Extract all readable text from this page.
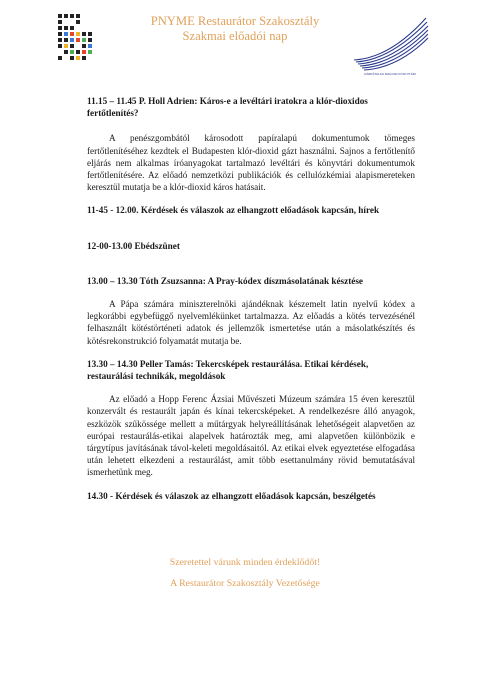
PNYME Restaurátor Szakosztály
Szakmai előadói nap
KÁRPÁTALJAI MAGYAR KÖNYVTÁRI

11.15 – 11.45 P. Holl Adrien: Káros-e a levéltári iratokra a klór-dioxidos fertőtlenítés?

A penészgombától károsodott papíralapú dokumentumok tömeges fertőtlenítéséhez kezdtek el Budapesten klór-dioxid gázt használni. Sajnos a fertőtlenítő eljárás nem alkalmas íróanyagokat tartalmazó levéltári és könyvtári dokumentumok fertőtlenítésére. Az előadó nemzetközi publikációk és cellulózkémiai alapismereteken keresztül mutatja be a klór-dioxid káros hatásait.

11-45 - 12.00. Kérdések és válaszok az elhangzott előadások kapcsán, hírek

12-00-13.00 Ebédszünet

13.00 – 13.30 Tóth Zsuzsanna: A Pray-kódex díszmásolatának késztése

A Pápa számára miniszterelnöki ajándéknak készemelt latin nyelvű kódex a legkorábbi egybefüggő nyelvemlékünket tartalmazza. Az előadás a kötés tervezésénél felhasznált kötéstörténeti adatok és jellemzők ismertetése után a másolatkészítés és kötésrekonstrukció folyamatát mutatja be.

13.30 – 14.30 Peller Tamás: Tekercsképek restaurálása. Etikai kérdések, restaurálási technikák, megoldások

Az előadó a Hopp Ferenc Ázsiai Művészeti Múzeum számára 15 éven keresztül konzervált és restaurált japán és kínai tekercsképeket. A rendelkezésre álló anyagok, eszközök szűkössége mellett a műtárgyak helyreállításának lehetőségeit alapvetően az európai restaurálás-etikai alapelvek határozták meg, ami alapvetően különbözik e tárgytípus javításának távol-keleti megoldásaitól. Az etikai elvek egyeztetése elfogadása után lehetett elkezdeni a restaurálást, amit több esettanulmány rövid bemutatásával ismerhetünk meg.

14.30 - Kérdések és válaszok az elhangzott előadások kapcsán, beszélgetés

Szeretettel várunk minden érdeklődőt!

A Restaurátor Szakosztály Vezetősége
